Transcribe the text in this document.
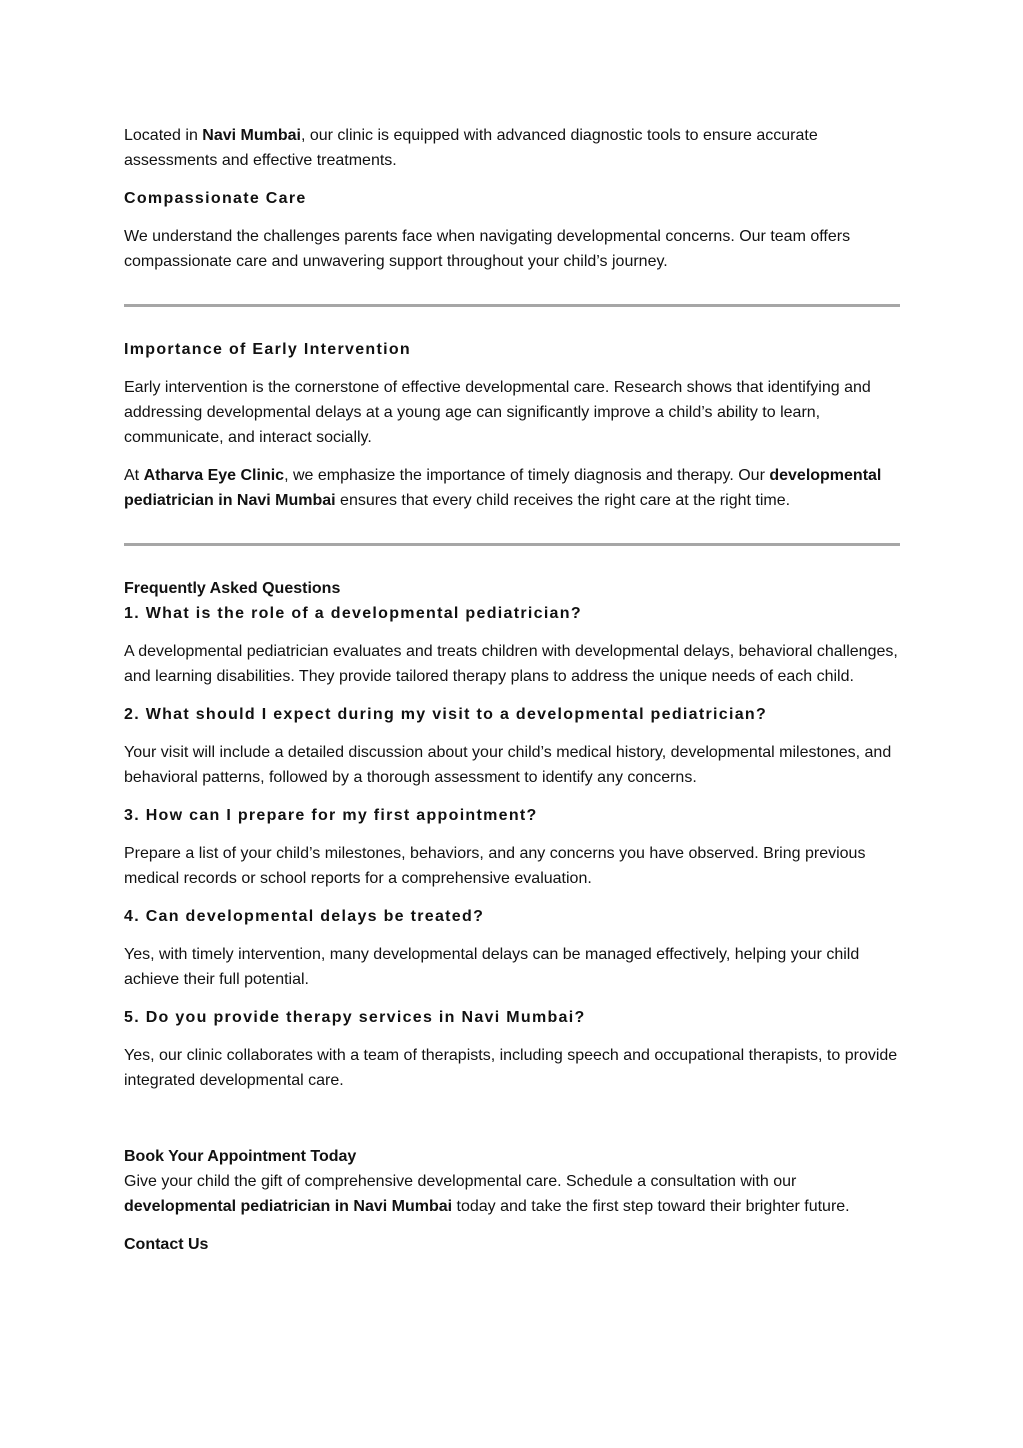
Located in Navi Mumbai, our clinic is equipped with advanced diagnostic tools to ensure accurate assessments and effective treatments.

Compassionate Care

We understand the challenges parents face when navigating developmental concerns. Our team offers compassionate care and unwavering support throughout your child’s journey.

Importance of Early Intervention

Early intervention is the cornerstone of effective developmental care. Research shows that identifying and addressing developmental delays at a young age can significantly improve a child’s ability to learn, communicate, and interact socially.

At Atharva Eye Clinic, we emphasize the importance of timely diagnosis and therapy. Our developmental pediatrician in Navi Mumbai ensures that every child receives the right care at the right time.

Frequently Asked Questions
1. What is the role of a developmental pediatrician?

A developmental pediatrician evaluates and treats children with developmental delays, behavioral challenges, and learning disabilities. They provide tailored therapy plans to address the unique needs of each child.

2. What should I expect during my visit to a developmental pediatrician?

Your visit will include a detailed discussion about your child’s medical history, developmental milestones, and behavioral patterns, followed by a thorough assessment to identify any concerns.

3. How can I prepare for my first appointment?

Prepare a list of your child’s milestones, behaviors, and any concerns you have observed. Bring previous medical records or school reports for a comprehensive evaluation.

4. Can developmental delays be treated?

Yes, with timely intervention, many developmental delays can be managed effectively, helping your child achieve their full potential.

5. Do you provide therapy services in Navi Mumbai?

Yes, our clinic collaborates with a team of therapists, including speech and occupational therapists, to provide integrated developmental care.

Book Your Appointment Today

Give your child the gift of comprehensive developmental care. Schedule a consultation with our developmental pediatrician in Navi Mumbai today and take the first step toward their brighter future.

Contact Us
